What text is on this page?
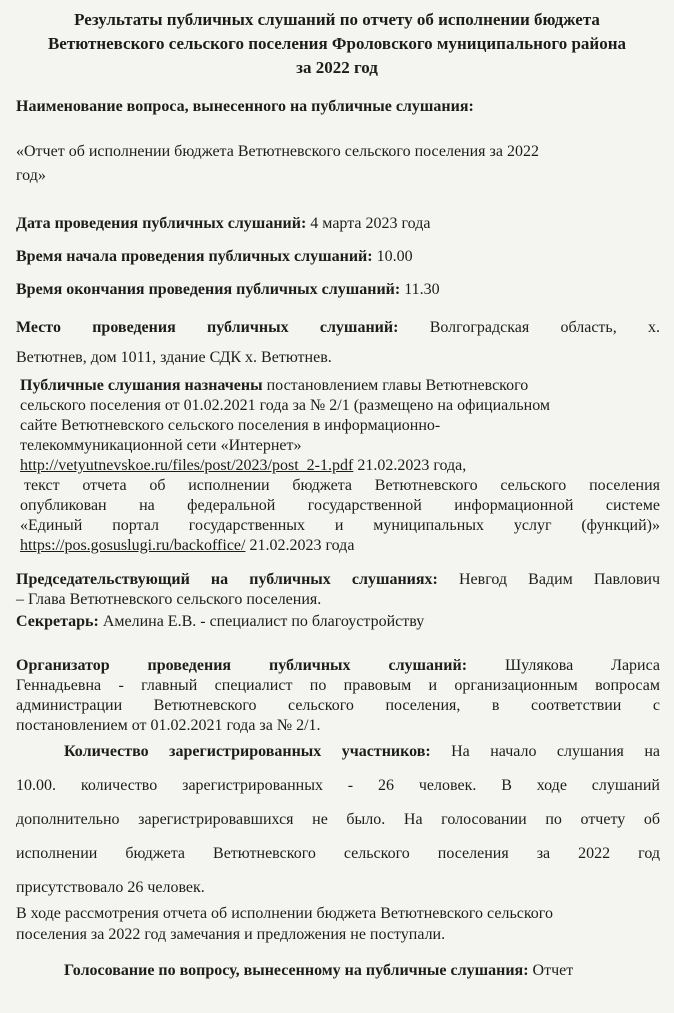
Результаты публичных слушаний по отчету об исполнении бюджета
Ветютневского сельского поселения Фроловского муниципального района
за 2022 год
Наименование вопроса, вынесенного на публичные слушания:
«Отчет об исполнении бюджета Ветютневского сельского поселения за 2022
год»
Дата проведения публичных слушаний: 4 марта 2023 года
Время начала проведения публичных слушаний: 10.00
Время окончания проведения публичных слушаний: 11.30
Место проведения публичных слушаний: Волгоградская область, х.
Ветютнев, дом 1011, здание СДК х. Ветютнев.
Публичные слушания назначены постановлением главы Ветютневского
сельского поселения от 01.02.2021 года за № 2/1 (размещено на официальном
сайте Ветютневского сельского поселения в информационно-
телекоммуникационной сети «Интернет»
http://vetyutnevskoe.ru/files/post/2023/post_2-1.pdf 21.02.2023 года,
текст отчета об исполнении бюджета Ветютневского сельского поселения
опубликован на федеральной государственной информационной системе
«Единый портал государственных и муниципальных услуг (функций)»
https://pos.gosuslugi.ru/backoffice/ 21.02.2023 года
Председательствующий на публичных слушаниях: Невгод Вадим Павлович
– Глава Ветютневского сельского поселения.
Секретарь: Амелина Е.В. - специалист по благоустройству
Организатор проведения публичных слушаний: Шулякова Лариса
Геннадьевна - главный специалист по правовым и организационным вопросам
администрации Ветютневского сельского поселения, в соответствии с
постановлением от 01.02.2021 года за № 2/1.
Количество зарегистрированных участников: На начало слушания на
10.00. количество зарегистрированных - 26 человек. В ходе слушаний
дополнительно зарегистрировавшихся не было. На голосовании по отчету об
исполнении бюджета Ветютневского сельского поселения за 2022 год
присутствовало 26 человек.
В ходе рассмотрения отчета об исполнении бюджета Ветютневского сельского
поселения за 2022 год замечания и предложения не поступали.
Голосование по вопросу, вынесенному на публичные слушания: Отчет
